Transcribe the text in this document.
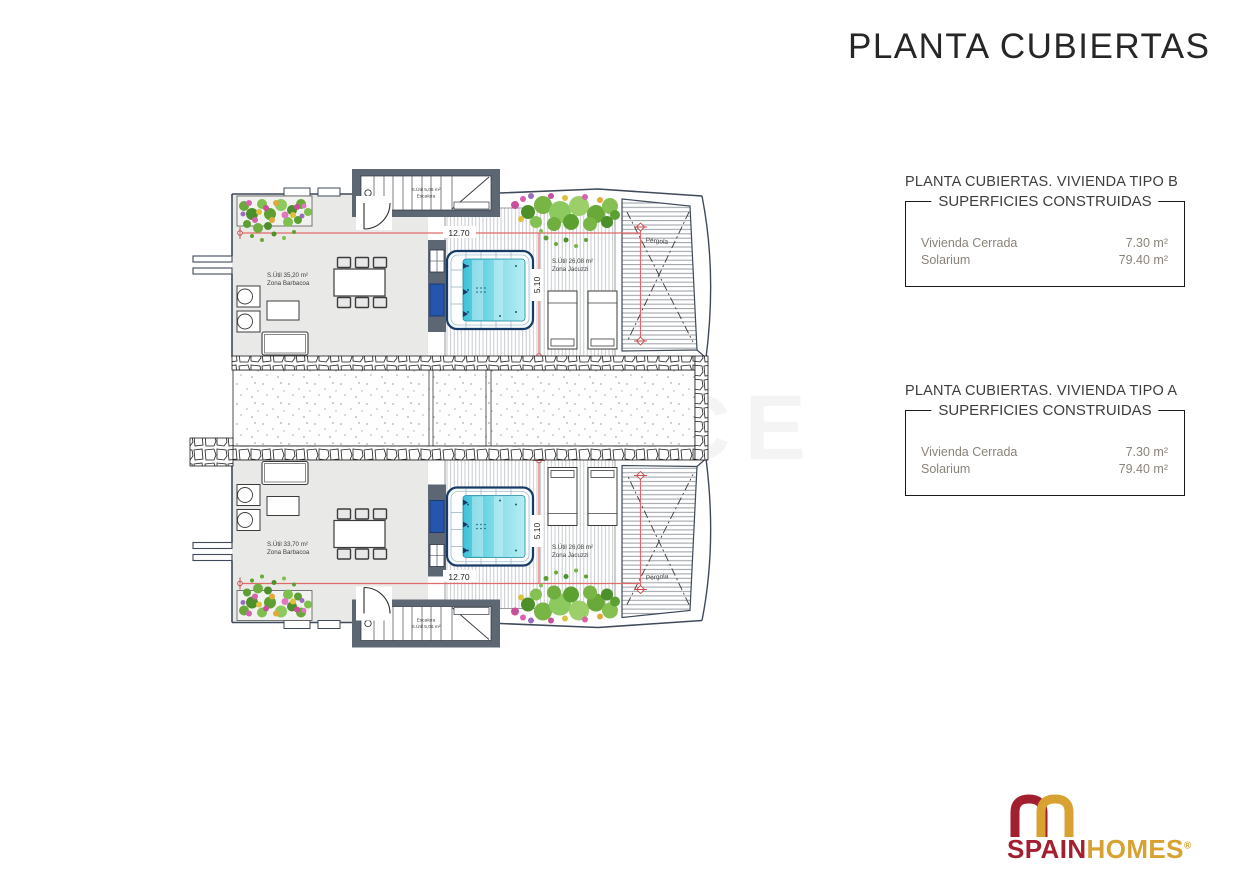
PLANTA CUBIERTAS
S.Útil 35,20 m²
Zona Barbacoa
S.Útil 26,08 m²
Zona Jacuzzi
S.Útil 5,06 m²
Escalera
Pérgola
12.70
5.10
S.Útil 33,70 m²
Zona Barbacoa
S.Útil 26,08 m²
Zona Jacuzzi
Escalera
S.Útil 5,06 m²
Pérgola
12.70
5.10
PLANTA CUBIERTAS. VIVIENDA TIPO B
SUPERFICIES CONSTRUIDAS
Vivienda Cerrada	7.30 m²
Solarium	79.40 m²
PLANTA CUBIERTAS. VIVIENDA TIPO A
SUPERFICIES CONSTRUIDAS
Vivienda Cerrada	7.30 m²
Solarium	79.40 m²
SPAINHOMES®
